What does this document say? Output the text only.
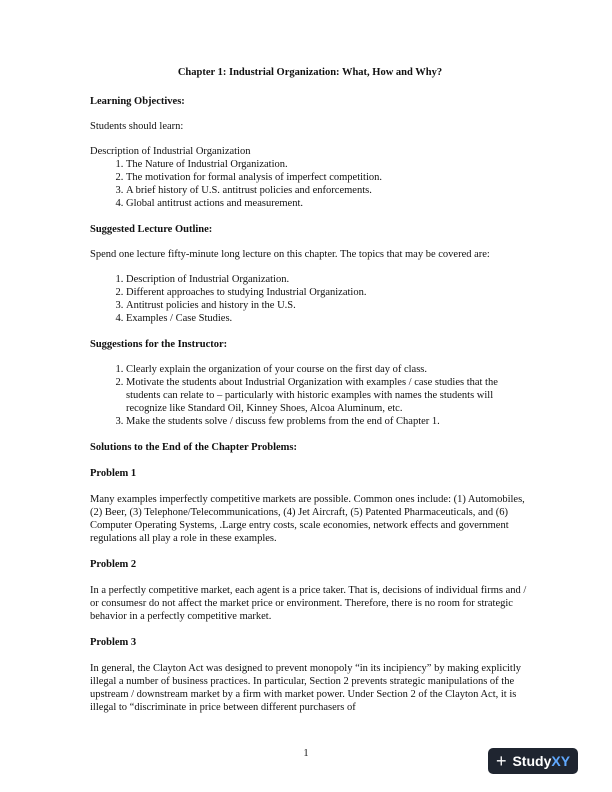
Chapter 1: Industrial Organization: What, How and Why?

Learning Objectives:

Students should learn:

Description of Industrial Organization

1. The Nature of Industrial Organization.
2. The motivation for formal analysis of imperfect competition.
3. A brief history of U.S. antitrust policies and enforcements.
4. Global antitrust actions and measurement.

Suggested Lecture Outline:

Spend one lecture fifty-minute long lecture on this chapter. The topics that may be covered are:

1. Description of Industrial Organization.
2. Different approaches to studying Industrial Organization.
3. Antitrust policies and history in the U.S.
4. Examples / Case Studies.

Suggestions for the Instructor:

1. Clearly explain the organization of your course on the first day of class.
2. Motivate the students about Industrial Organization with examples / case studies that the students can relate to – particularly with historic examples with names the students will recognize like Standard Oil, Kinney Shoes, Alcoa Aluminum, etc.
3. Make the students solve / discuss few problems from the end of Chapter 1.

Solutions to the End of the Chapter Problems:

Problem 1

Many examples imperfectly competitive markets are possible. Common ones include: (1) Automobiles, (2) Beer, (3) Telephone/Telecommunications, (4) Jet Aircraft, (5) Patented Pharmaceuticals, and (6) Computer Operating Systems, .Large entry costs, scale economies, network effects and government regulations all play a role in these examples.

Problem 2

In a perfectly competitive market, each agent is a price taker. That is, decisions of individual firms and / or consumesr do not affect the market price or environment. Therefore, there is no room for strategic behavior in a perfectly competitive market.

Problem 3

In general, the Clayton Act was designed to prevent monopoly “in its incipiency” by making explicitly illegal a number of business practices. In particular, Section 2 prevents strategic manipulations of the upstream / downstream market by a firm with market power. Under Section 2 of the Clayton Act, it is illegal to “discriminate in price between different purchasers of

1	+ Study XY
